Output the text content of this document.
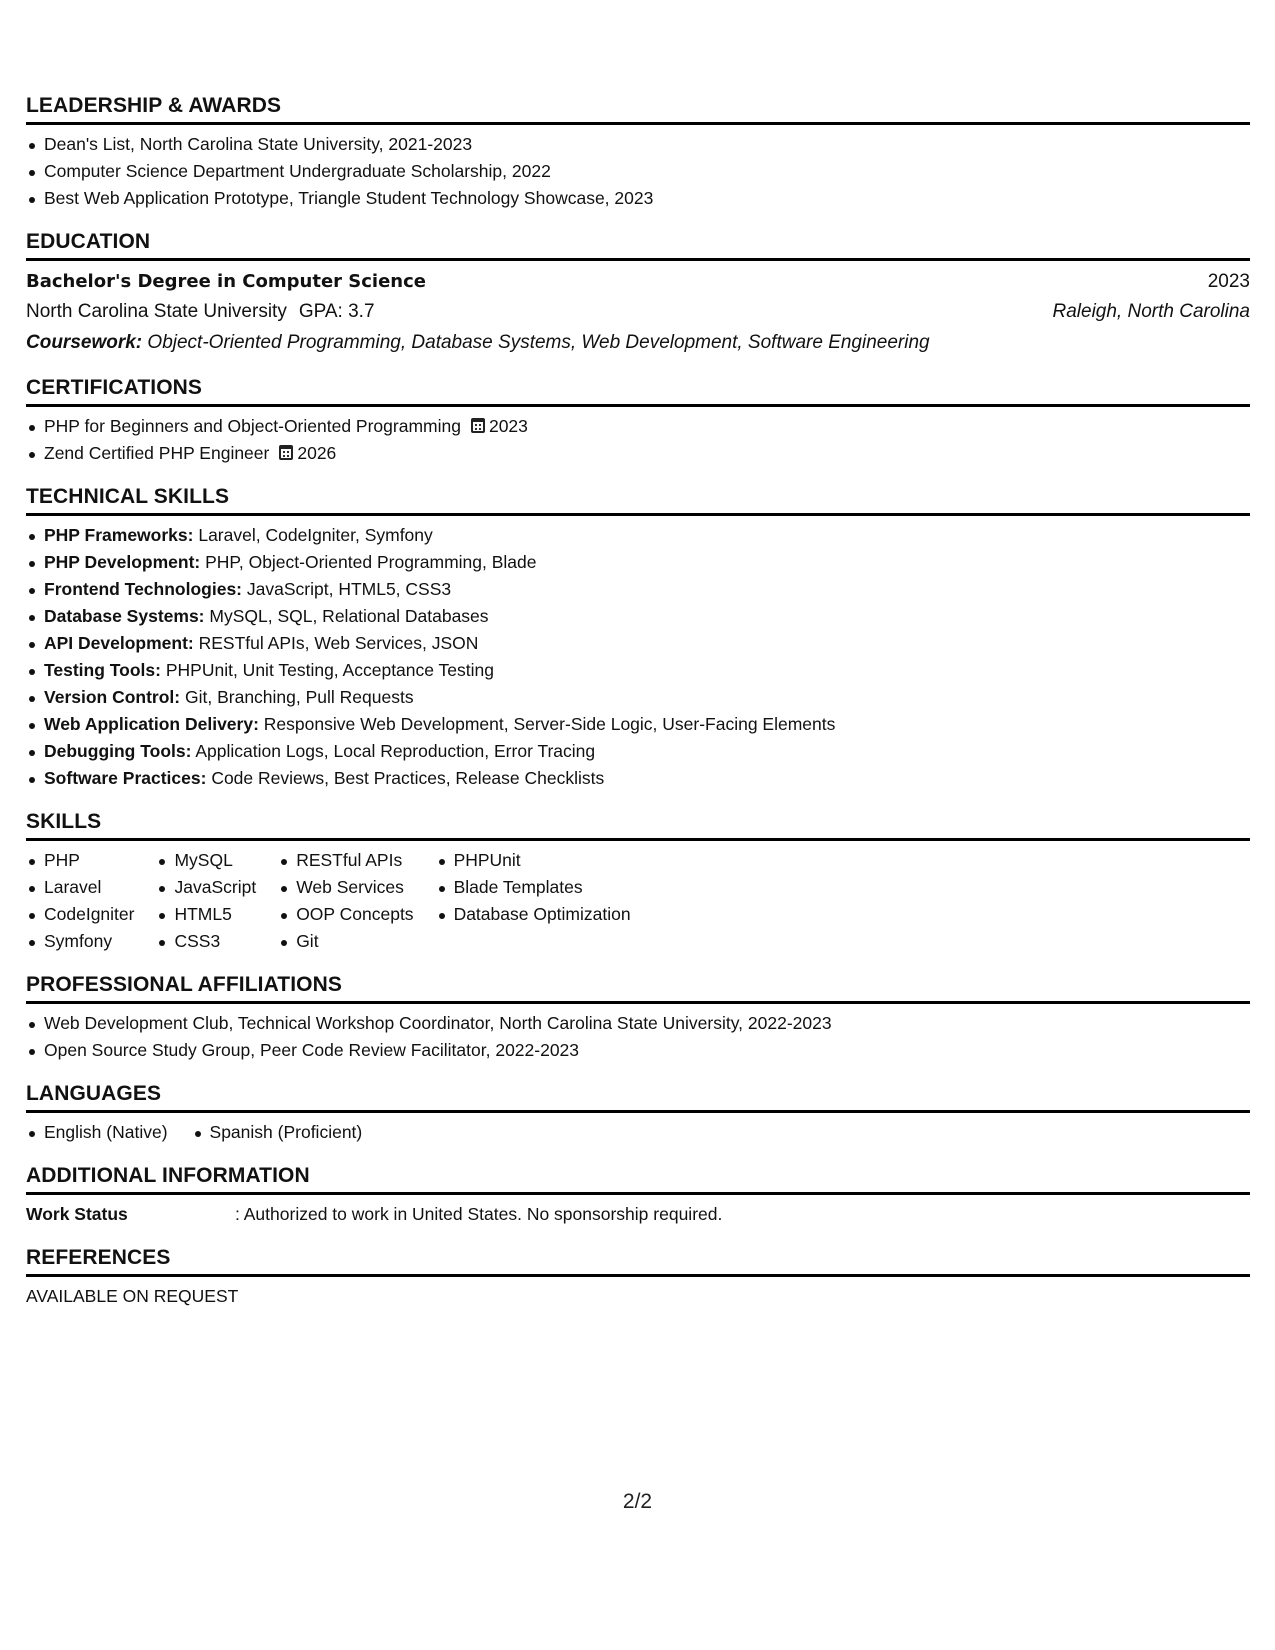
LEADERSHIP & AWARDS
Dean's List, North Carolina State University, 2021-2023
Computer Science Department Undergraduate Scholarship, 2022
Best Web Application Prototype, Triangle Student Technology Showcase, 2023
EDUCATION
Bachelor's Degree in Computer Science	2023
North Carolina State University GPA: 3.7	Raleigh, North Carolina
Coursework: Object-Oriented Programming, Database Systems, Web Development, Software Engineering
CERTIFICATIONS
PHP for Beginners and Object-Oriented Programming 2023
Zend Certified PHP Engineer 2026
TECHNICAL SKILLS
PHP Frameworks: Laravel, CodeIgniter, Symfony
PHP Development: PHP, Object-Oriented Programming, Blade
Frontend Technologies: JavaScript, HTML5, CSS3
Database Systems: MySQL, SQL, Relational Databases
API Development: RESTful APIs, Web Services, JSON
Testing Tools: PHPUnit, Unit Testing, Acceptance Testing
Version Control: Git, Branching, Pull Requests
Web Application Delivery: Responsive Web Development, Server-Side Logic, User-Facing Elements
Debugging Tools: Application Logs, Local Reproduction, Error Tracing
Software Practices: Code Reviews, Best Practices, Release Checklists
SKILLS
PHP
Laravel
CodeIgniter
Symfony
MySQL
JavaScript
HTML5
CSS3
RESTful APIs
Web Services
OOP Concepts
Git
PHPUnit
Blade Templates
Database Optimization
PROFESSIONAL AFFILIATIONS
Web Development Club, Technical Workshop Coordinator, North Carolina State University, 2022-2023
Open Source Study Group, Peer Code Review Facilitator, 2022-2023
LANGUAGES
English (Native)	Spanish (Proficient)
ADDITIONAL INFORMATION
Work Status	: Authorized to work in United States. No sponsorship required.
REFERENCES
AVAILABLE ON REQUEST
2/2
